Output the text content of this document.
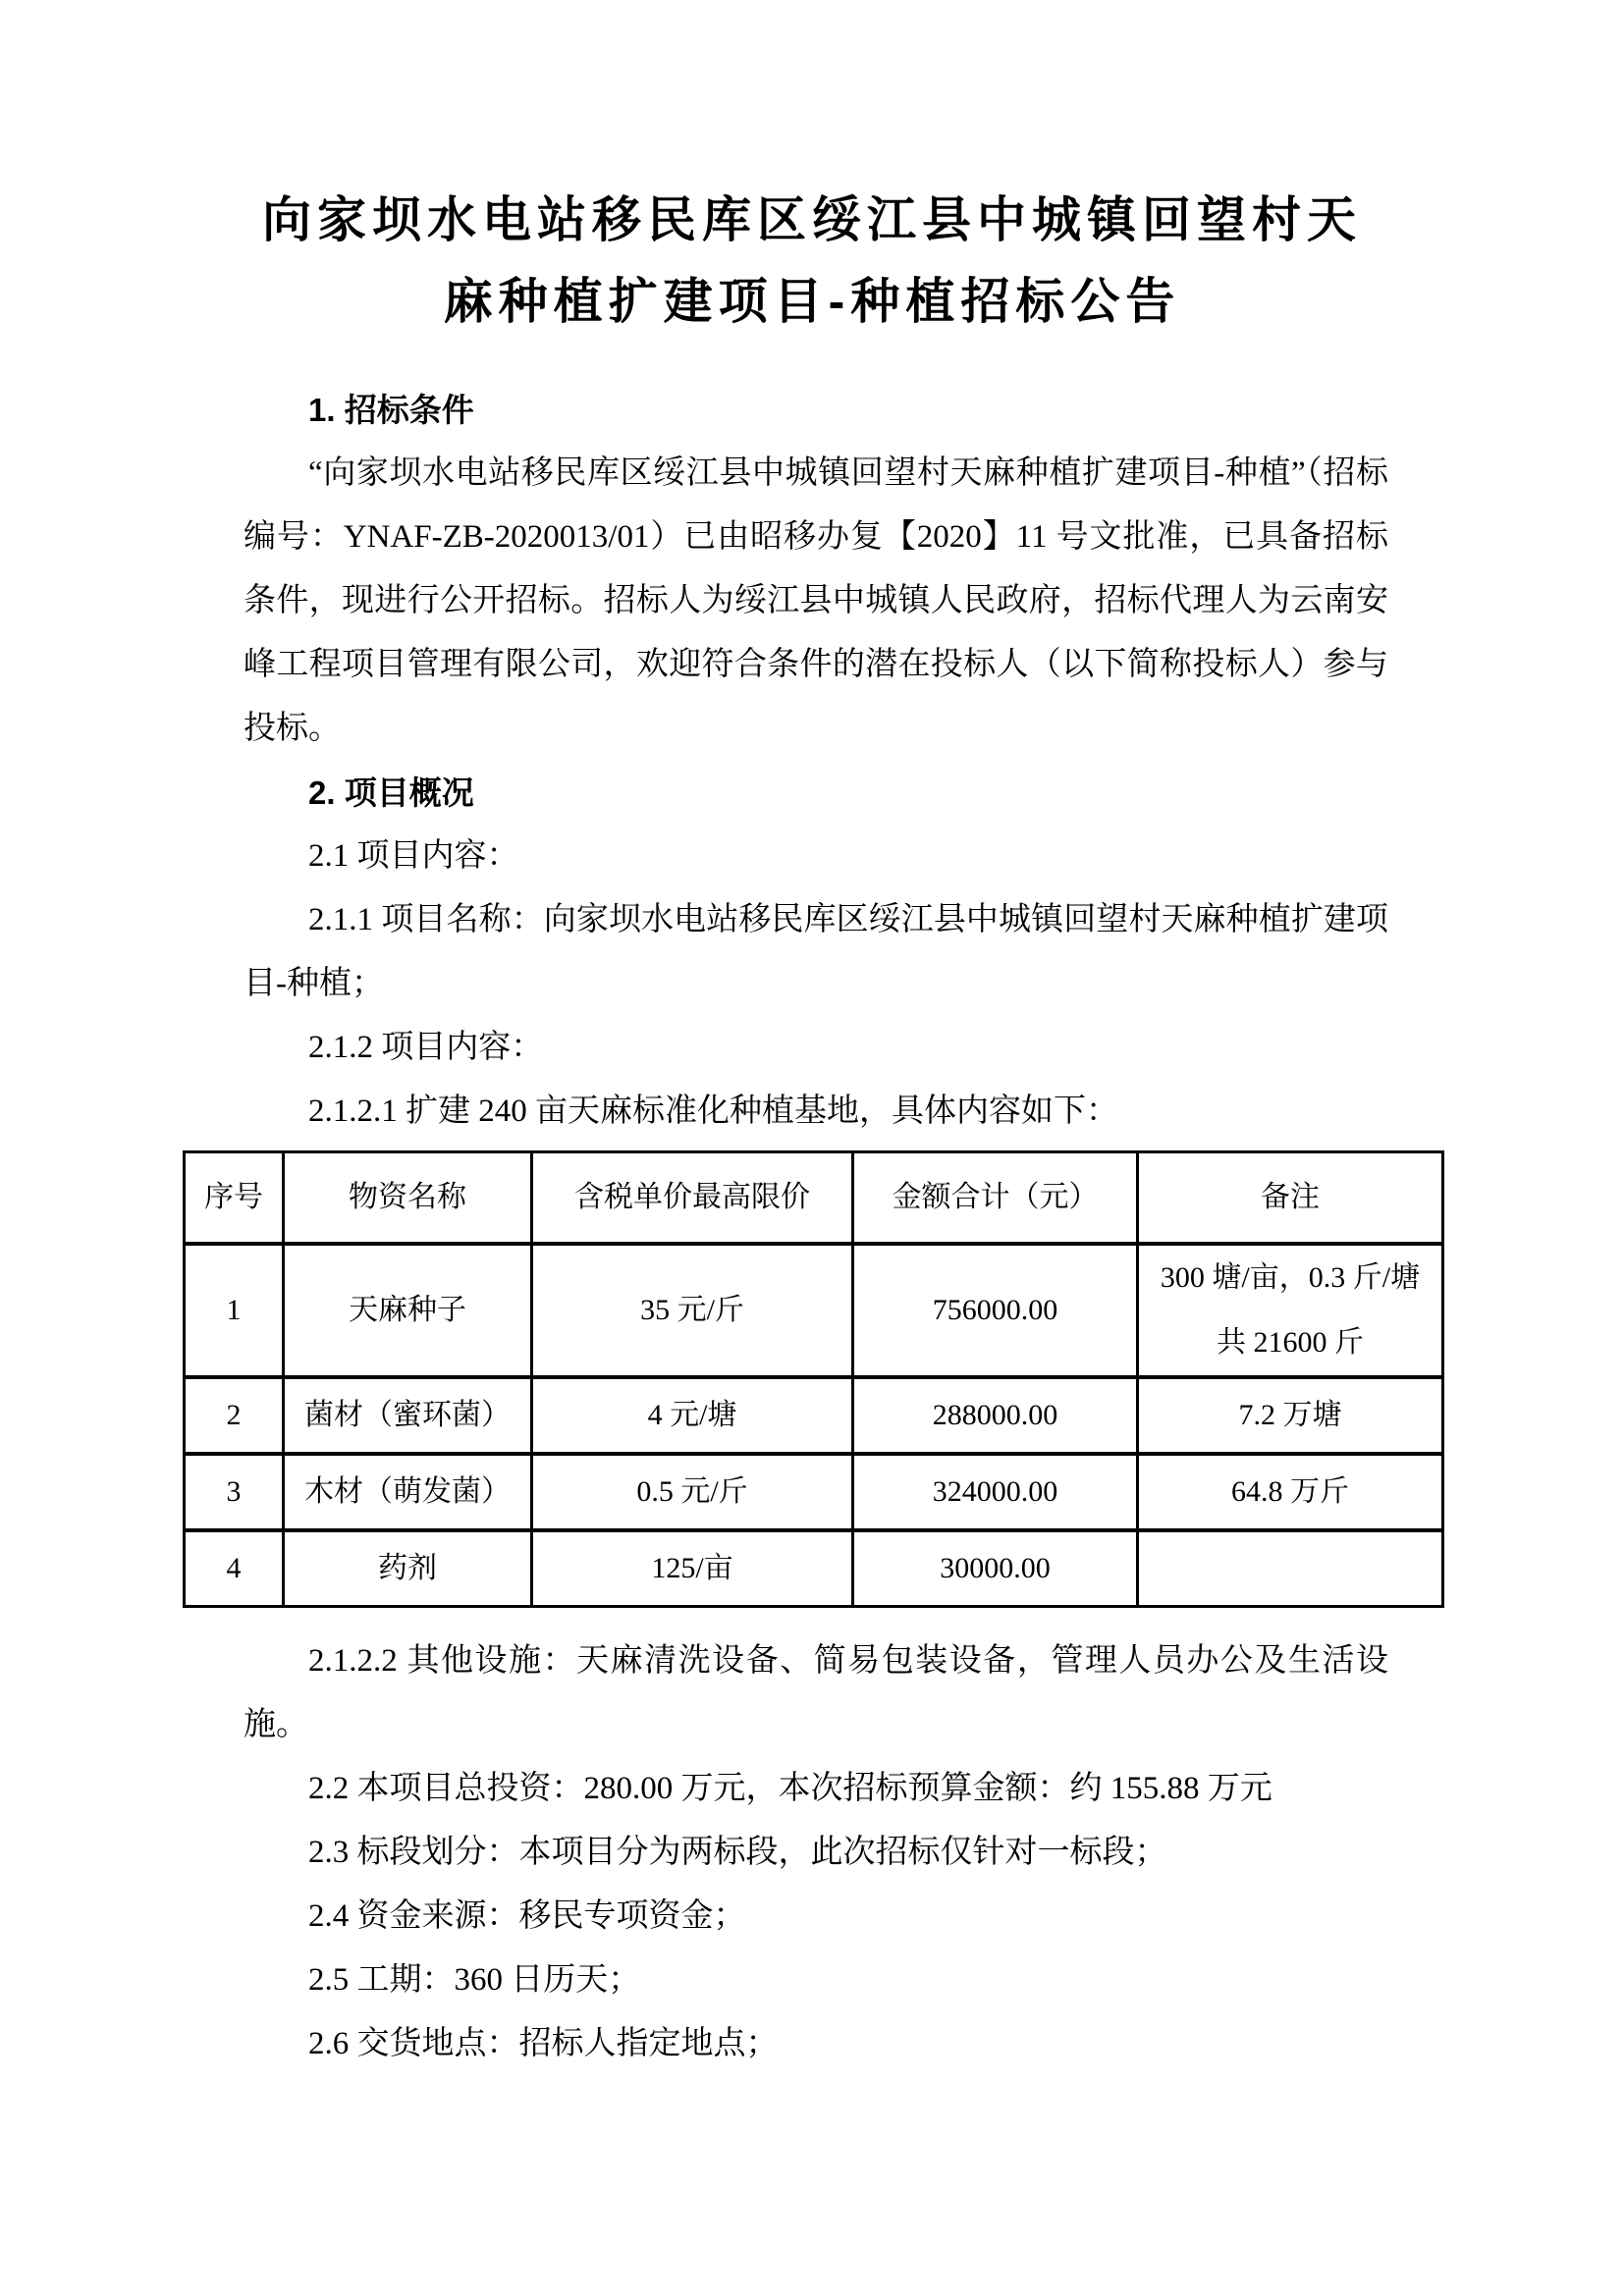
向家坝水电站移民库区绥江县中城镇回望村天
麻种植扩建项目-种植招标公告

1. 招标条件

“向家坝水电站移民库区绥江县中城镇回望村天麻种植扩建项目-种植”（招标编号：YNAF-ZB-2020013/01）已由昭移办复【2020】11 号文批准，已具备招标条件，现进行公开招标。招标人为绥江县中城镇人民政府，招标代理人为云南安峰工程项目管理有限公司，欢迎符合条件的潜在投标人（以下简称投标人）参与投标。

2. 项目概况

2.1 项目内容：

2.1.1 项目名称：向家坝水电站移民库区绥江县中城镇回望村天麻种植扩建项目-种植；

2.1.2 项目内容：

2.1.2.1 扩建 240 亩天麻标准化种植基地，具体内容如下：

序号	物资名称	含税单价最高限价	金额合计（元）	备注
1	天麻种子	35 元/斤	756000.00	300 塘/亩，0.3 斤/塘
共 21600 斤

2	菌材（蜜环菌）	4 元/塘	288000.00	7.2 万塘
3	木材（萌发菌）	0.5 元/斤	324000.00	64.8 万斤
4	药剂	125/亩	30000.00	

2.1.2.2 其他设施：天麻清洗设备、简易包装设备，管理人员办公及生活设施。

2.2 本项目总投资：280.00 万元，本次招标预算金额：约 155.88 万元

2.3 标段划分：本项目分为两标段，此次招标仅针对一标段；

2.4 资金来源：移民专项资金；

2.5 工期：360 日历天；

2.6 交货地点：招标人指定地点；
